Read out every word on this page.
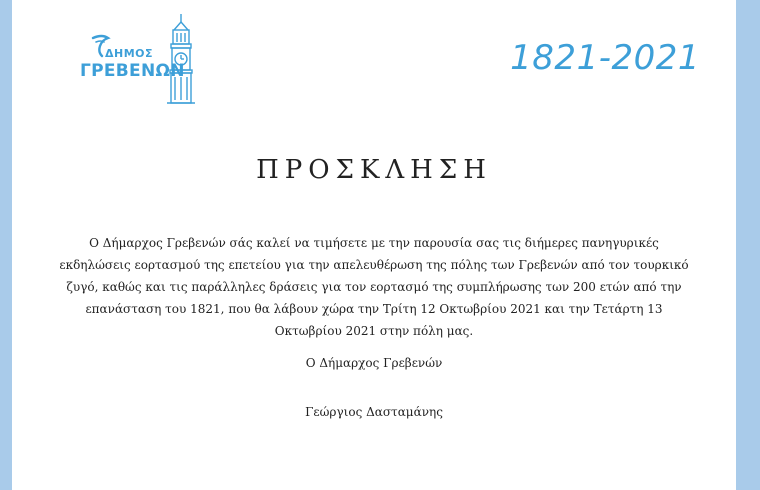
ΔΗΜΟΣ
ΓΡΕΒΕΝΩΝ	1821-2021
ΠΡΟΣΚΛΗΣΗ
Ο Δήμαρχος Γρεβενών σάς καλεί να τιμήσετε με την παρουσία σας τις διήμερες πανηγυρικές εκδηλώσεις εορτασμού της επετείου για την απελευθέρωση της πόλης των Γρεβενών από τον τουρκικό ζυγό, καθώς και τις παράλληλες δράσεις για τον εορτασμό της συμπλήρωσης των 200 ετών από την επανάσταση του 1821, που θα λάβουν χώρα την Τρίτη 12 Οκτωβρίου 2021 και την Τετάρτη 13 Οκτωβρίου 2021 στην πόλη μας.
Ο Δήμαρχος Γρεβενών
Γεώργιος Δασταμάνης
